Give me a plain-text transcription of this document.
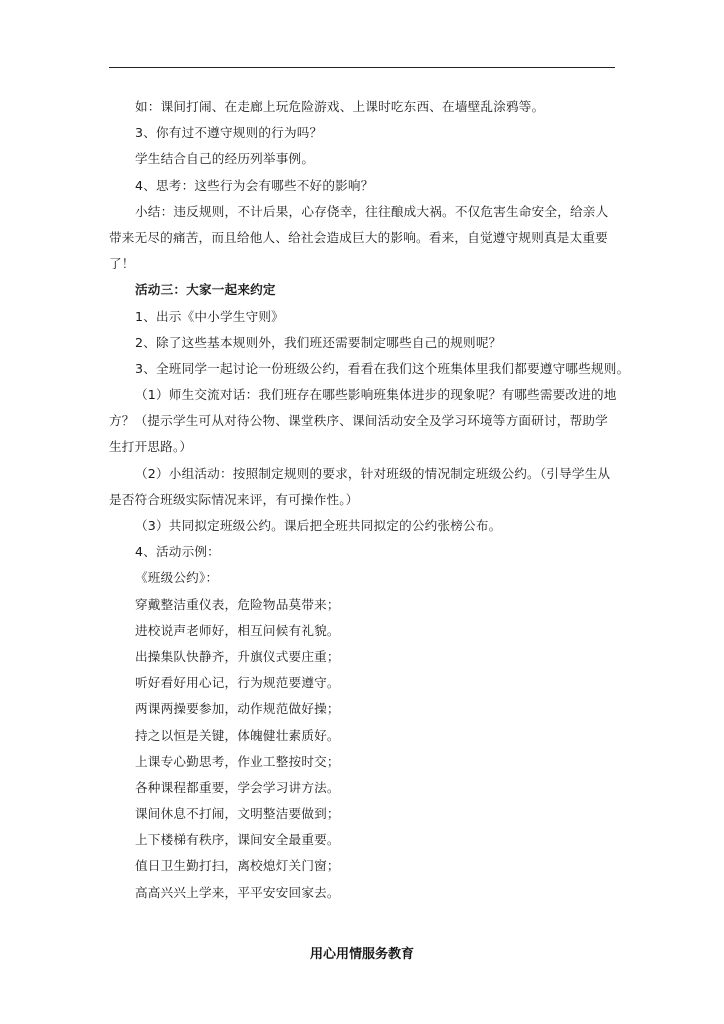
如：课间打闹、在走廊上玩危险游戏、上课时吃东西、在墙壁乱涂鸦等。
3、你有过不遵守规则的行为吗？
学生结合自己的经历列举事例。
4、思考：这些行为会有哪些不好的影响？
小结：违反规则，不计后果，心存侥幸，往往酿成大祸。不仅危害生命安全，给亲人
带来无尽的痛苦，而且给他人、给社会造成巨大的影响。看来，自觉遵守规则真是太重要
了！
活动三：大家一起来约定
1、出示《中小学生守则》
2、除了这些基本规则外，我们班还需要制定哪些自己的规则呢？
3、全班同学一起讨论一份班级公约，看看在我们这个班集体里我们都要遵守哪些规则。
（1）师生交流对话：我们班存在哪些影响班集体进步的现象呢？有哪些需要改进的地
方？（提示学生可从对待公物、课堂秩序、课间活动安全及学习环境等方面研讨，帮助学
生打开思路。）
（2）小组活动：按照制定规则的要求，针对班级的情况制定班级公约。（引导学生从
是否符合班级实际情况来评，有可操作性。）
（3）共同拟定班级公约。课后把全班共同拟定的公约张榜公布。
4、活动示例：
《班级公约》：
穿戴整洁重仪表，危险物品莫带来；
进校说声老师好，相互问候有礼貌。
出操集队快静齐，升旗仪式要庄重；
听好看好用心记，行为规范要遵守。
两课两操要参加，动作规范做好操；
持之以恒是关键，体魄健壮素质好。
上课专心勤思考，作业工整按时交；
各种课程都重要，学会学习讲方法。
课间休息不打闹，文明整洁要做到；
上下楼梯有秩序，课间安全最重要。
值日卫生勤打扫，离校熄灯关门窗；
高高兴兴上学来，平平安安回家去。
用心用情服务教育
